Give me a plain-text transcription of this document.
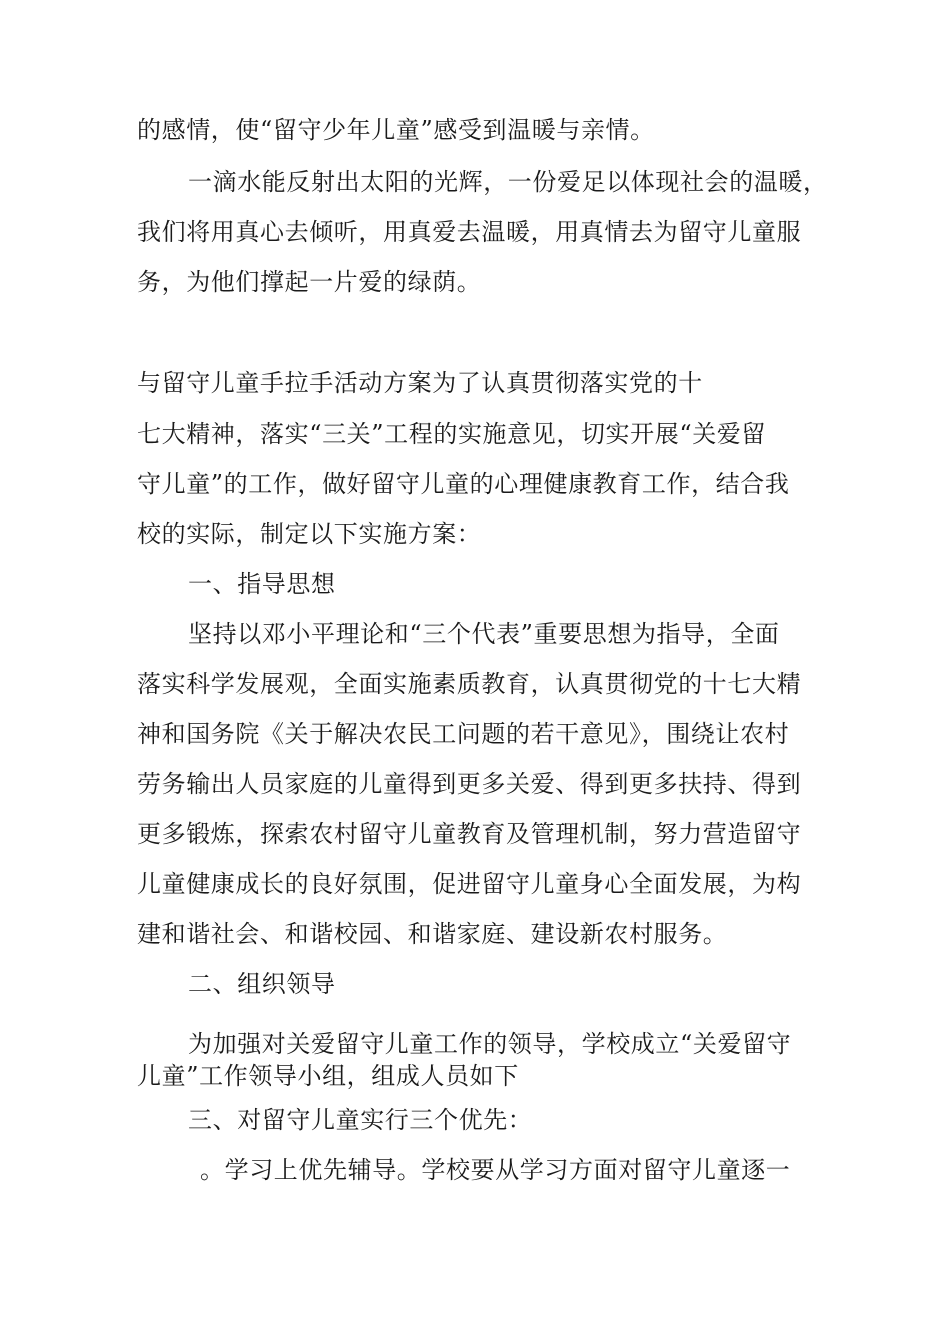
的感情，使“留守少年儿童”感受到温暖与亲情。
一滴水能反射出太阳的光辉，一份爱足以体现社会的温暖，
我们将用真心去倾听，用真爱去温暖，用真情去为留守儿童服
务，为他们撑起一片爱的绿荫。
与留守儿童手拉手活动方案为了认真贯彻落实党的十
七大精神，落实“三关”工程的实施意见，切实开展“关爱留
守儿童”的工作，做好留守儿童的心理健康教育工作，结合我
校的实际，制定以下实施方案：
一、指导思想
坚持以邓小平理论和“三个代表”重要思想为指导，全面
落实科学发展观，全面实施素质教育，认真贯彻党的十七大精
神和国务院《关于解决农民工问题的若干意见》，围绕让农村
劳务输出人员家庭的儿童得到更多关爱、得到更多扶持、得到
更多锻炼，探索农村留守儿童教育及管理机制，努力营造留守
儿童健康成长的良好氛围，促进留守儿童身心全面发展，为构
建和谐社会、和谐校园、和谐家庭、建设新农村服务。
二、组织领导
为加强对关爱留守儿童工作的领导，学校成立“关爱留守
儿童”工作领导小组，组成人员如下
三、对留守儿童实行三个优先：
。学习上优先辅导。学校要从学习方面对留守儿童逐一
